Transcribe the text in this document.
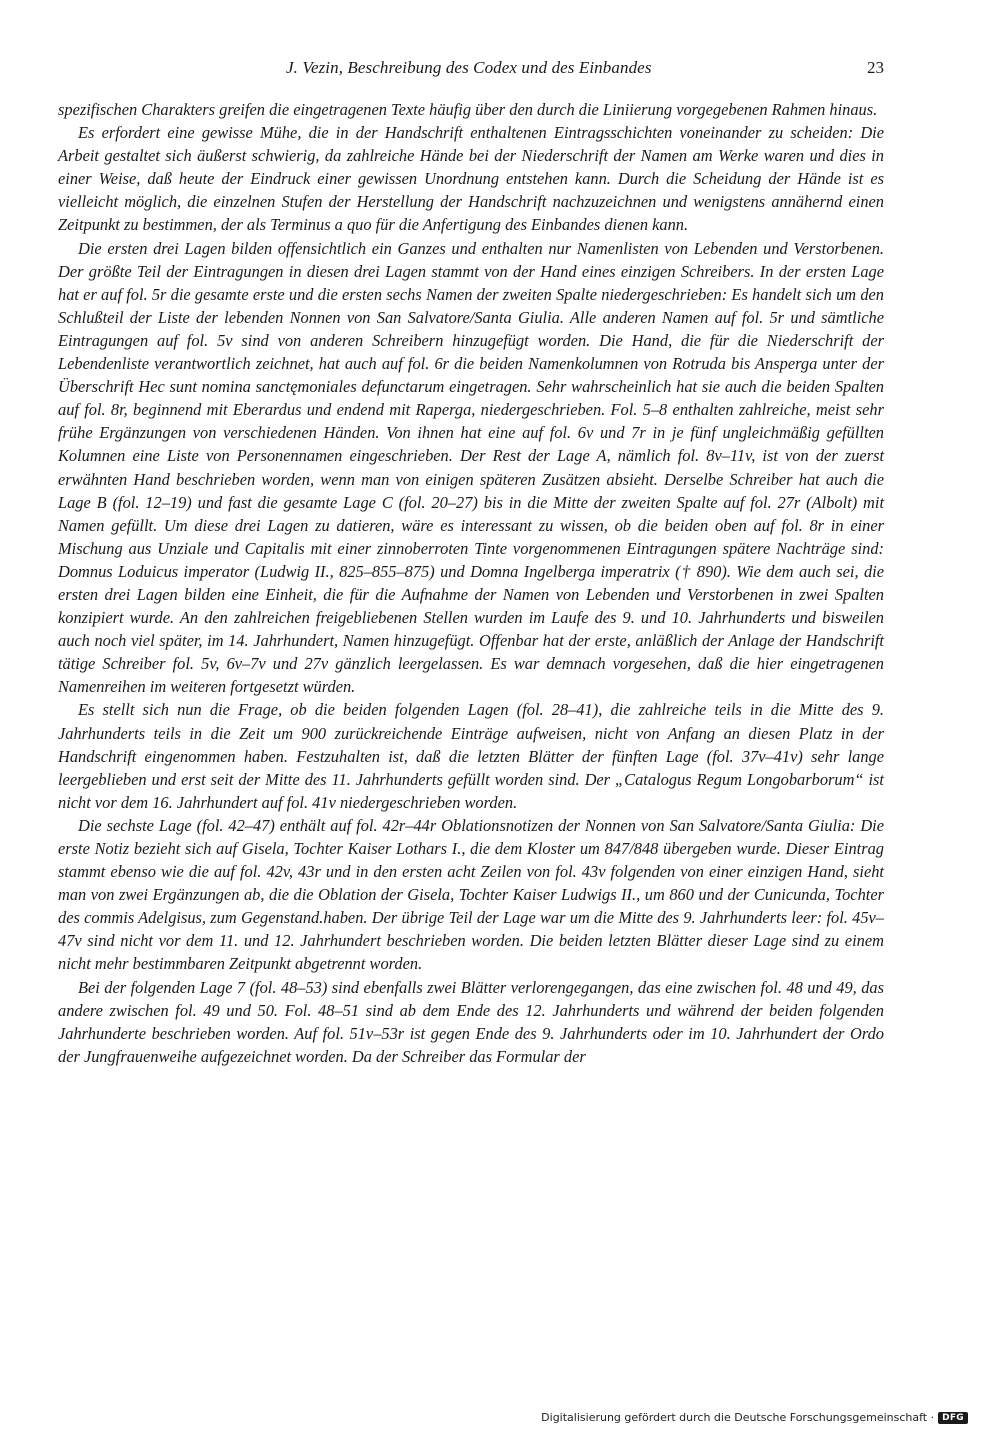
J. Vezin, Beschreibung des Codex und des Einbandes	23

spezifischen Charakters greifen die eingetragenen Texte häufig über den durch die Liniierung vorgegebenen Rahmen hinaus.

Es erfordert eine gewisse Mühe, die in der Handschrift enthaltenen Eintragsschichten voneinander zu scheiden: Die Arbeit gestaltet sich äußerst schwierig, da zahlreiche Hände bei der Niederschrift der Namen am Werke waren und dies in einer Weise, daß heute der Eindruck einer gewissen Unordnung entstehen kann. Durch die Scheidung der Hände ist es vielleicht möglich, die einzelnen Stufen der Herstellung der Handschrift nachzuzeichnen und wenigstens annähernd einen Zeitpunkt zu bestimmen, der als Terminus a quo für die Anfertigung des Einbandes dienen kann.

Die ersten drei Lagen bilden offensichtlich ein Ganzes und enthalten nur Namenlisten von Lebenden und Verstorbenen. Der größte Teil der Eintragungen in diesen drei Lagen stammt von der Hand eines einzigen Schreibers. In der ersten Lage hat er auf fol. 5r die gesamte erste und die ersten sechs Namen der zweiten Spalte niedergeschrieben: Es handelt sich um den Schlußteil der Liste der lebenden Nonnen von San Salvatore/Santa Giulia. Alle anderen Namen auf fol. 5r und sämtliche Eintragungen auf fol. 5v sind von anderen Schreibern hinzugefügt worden. Die Hand, die für die Niederschrift der Lebendenliste verantwortlich zeichnet, hat auch auf fol. 6r die beiden Namenkolumnen von Rotruda bis Ansperga unter der Überschrift Hec sunt nomina sanctęmoniales defunctarum eingetragen. Sehr wahrscheinlich hat sie auch die beiden Spalten auf fol. 8r, beginnend mit Eberardus und endend mit Raperga, niedergeschrieben. Fol. 5–8 enthalten zahlreiche, meist sehr frühe Ergänzungen von verschiedenen Händen. Von ihnen hat eine auf fol. 6v und 7r in je fünf ungleichmäßig gefüllten Kolumnen eine Liste von Personennamen eingeschrieben. Der Rest der Lage A, nämlich fol. 8v–11v, ist von der zuerst erwähnten Hand beschrieben worden, wenn man von einigen späteren Zusätzen absieht. Derselbe Schreiber hat auch die Lage B (fol. 12–19) und fast die gesamte Lage C (fol. 20–27) bis in die Mitte der zweiten Spalte auf fol. 27r (Albolt) mit Namen gefüllt. Um diese drei Lagen zu datieren, wäre es interessant zu wissen, ob die beiden oben auf fol. 8r in einer Mischung aus Unziale und Capitalis mit einer zinnoberroten Tinte vorgenommenen Eintragungen spätere Nachträge sind: Domnus Loduicus imperator (Ludwig II., 825–855–875) und Domna Ingelberga imperatrix († 890). Wie dem auch sei, die ersten drei Lagen bilden eine Einheit, die für die Aufnahme der Namen von Lebenden und Verstorbenen in zwei Spalten konzipiert wurde. An den zahlreichen freigebliebenen Stellen wurden im Laufe des 9. und 10. Jahrhunderts und bisweilen auch noch viel später, im 14. Jahrhundert, Namen hinzugefügt. Offenbar hat der erste, anläßlich der Anlage der Handschrift tätige Schreiber fol. 5v, 6v–7v und 27v gänzlich leergelassen. Es war demnach vorgesehen, daß die hier eingetragenen Namenreihen im weiteren fortgesetzt würden.

Es stellt sich nun die Frage, ob die beiden folgenden Lagen (fol. 28–41), die zahlreiche teils in die Mitte des 9. Jahrhunderts teils in die Zeit um 900 zurückreichende Einträge aufweisen, nicht von Anfang an diesen Platz in der Handschrift eingenommen haben. Festzuhalten ist, daß die letzten Blätter der fünften Lage (fol. 37v–41v) sehr lange leergeblieben und erst seit der Mitte des 11. Jahrhunderts gefüllt worden sind. Der „Catalogus Regum Longobarborum“ ist nicht vor dem 16. Jahrhundert auf fol. 41v niedergeschrieben worden.

Die sechste Lage (fol. 42–47) enthält auf fol. 42r–44r Oblationsnotizen der Nonnen von San Salvatore/Santa Giulia: Die erste Notiz bezieht sich auf Gisela, Tochter Kaiser Lothars I., die dem Kloster um 847/848 übergeben wurde. Dieser Eintrag stammt ebenso wie die auf fol. 42v, 43r und in den ersten acht Zeilen von fol. 43v folgenden von einer einzigen Hand, sieht man von zwei Ergänzungen ab, die die Oblation der Gisela, Tochter Kaiser Ludwigs II., um 860 und der Cunicunda, Tochter des commis Adelgisus, zum Gegenstand.haben. Der übrige Teil der Lage war um die Mitte des 9. Jahrhunderts leer: fol. 45v–47v sind nicht vor dem 11. und 12. Jahrhundert beschrieben worden. Die beiden letzten Blätter dieser Lage sind zu einem nicht mehr bestimmbaren Zeitpunkt abgetrennt worden.

Bei der folgenden Lage 7 (fol. 48–53) sind ebenfalls zwei Blätter verlorengegangen, das eine zwischen fol. 48 und 49, das andere zwischen fol. 49 und 50. Fol. 48–51 sind ab dem Ende des 12. Jahrhunderts und während der beiden folgenden Jahrhunderte beschrieben worden. Auf fol. 51v–53r ist gegen Ende des 9. Jahrhunderts oder im 10. Jahrhundert der Ordo der Jungfrauenweihe aufgezeichnet worden. Da der Schreiber das Formular der

Digitalisierung gefördert durch die Deutsche Forschungsgemeinschaft · DFG
